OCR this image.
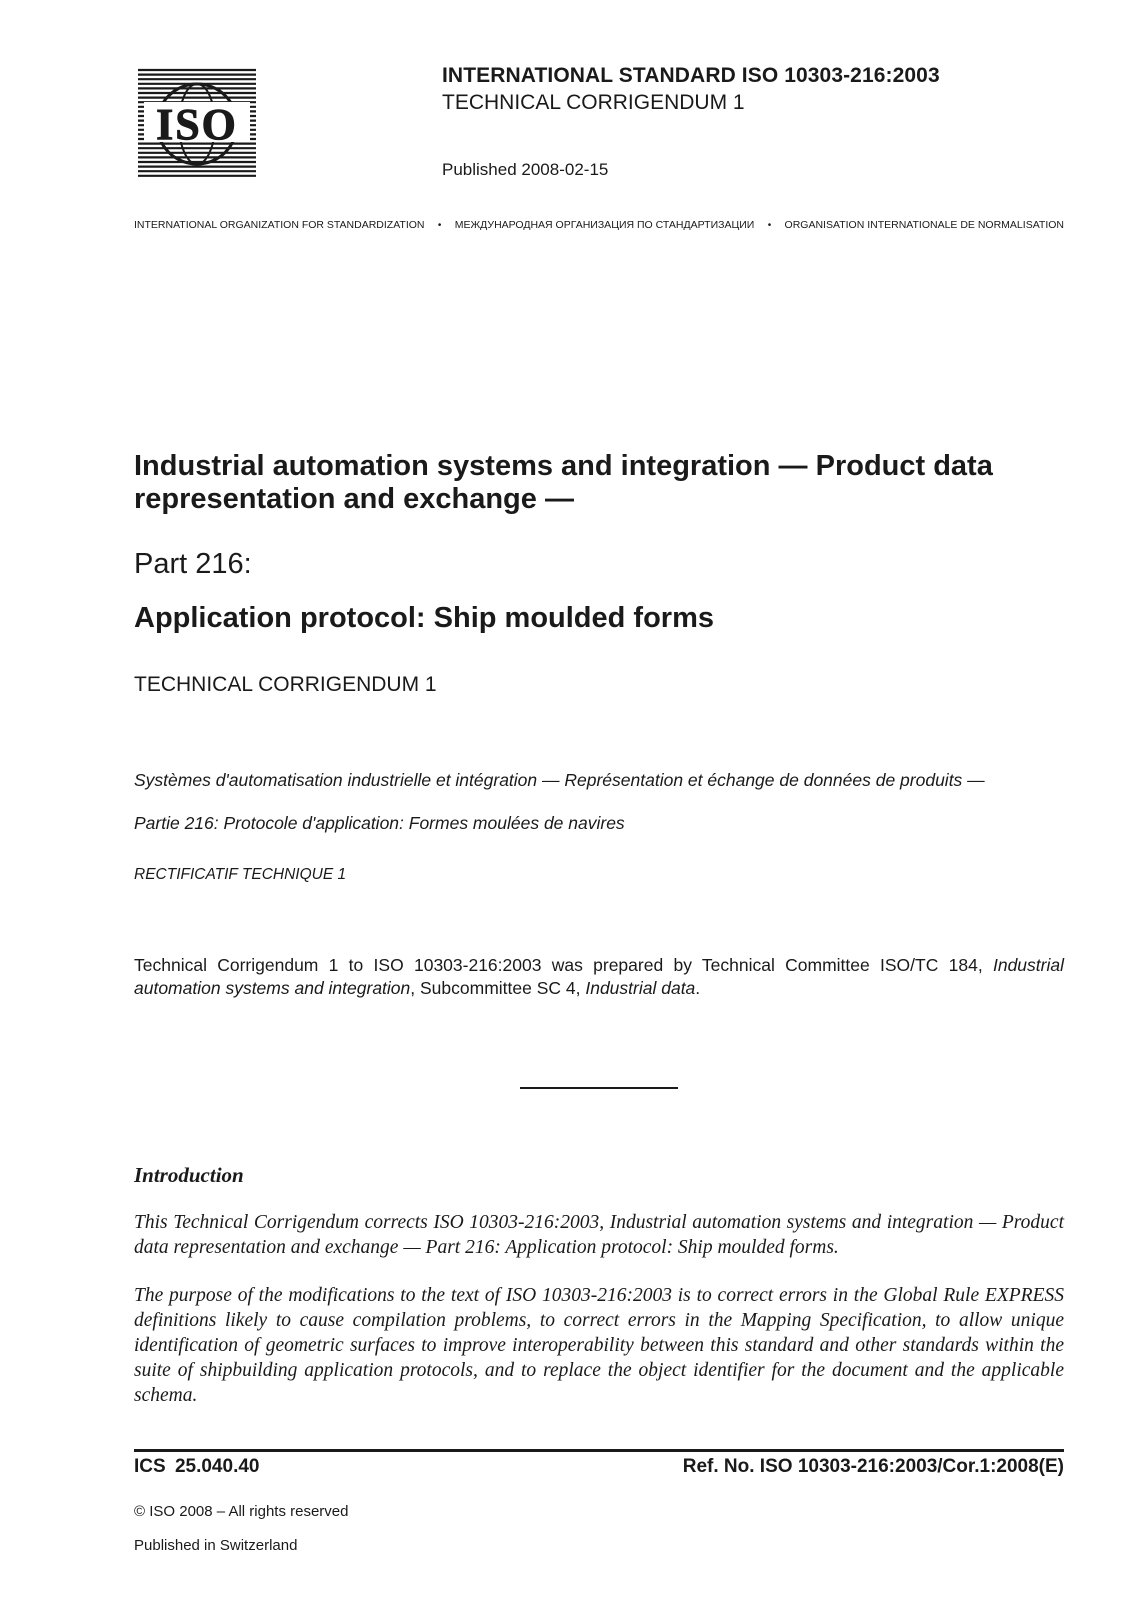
ISO
INTERNATIONAL STANDARD ISO 10303-216:2003
TECHNICAL CORRIGENDUM 1
Published 2008-02-15
INTERNATIONAL ORGANIZATION FOR STANDARDIZATION • МЕЖДУНАРОДНАЯ ОРГАНИЗАЦИЯ ПО СТАНДАРТИЗАЦИИ • ORGANISATION INTERNATIONALE DE NORMALISATION
Industrial automation systems and integration — Product data representation and exchange —
Part 216:
Application protocol: Ship moulded forms
TECHNICAL CORRIGENDUM 1
Systèmes d'automatisation industrielle et intégration — Représentation et échange de données de produits —
Partie 216: Protocole d'application: Formes moulées de navires
RECTIFICATIF TECHNIQUE 1
Technical Corrigendum 1 to ISO 10303-216:2003 was prepared by Technical Committee ISO/TC 184, Industrial automation systems and integration, Subcommittee SC 4, Industrial data.
Introduction
This Technical Corrigendum corrects ISO 10303-216:2003, Industrial automation systems and integration — Product data representation and exchange — Part 216: Application protocol: Ship moulded forms.
The purpose of the modifications to the text of ISO 10303-216:2003 is to correct errors in the Global Rule EXPRESS definitions likely to cause compilation problems, to correct errors in the Mapping Specification, to allow unique identification of geometric surfaces to improve interoperability between this standard and other standards within the suite of shipbuilding application protocols, and to replace the object identifier for the document and the applicable schema.
ICS 25.040.40	Ref. No. ISO 10303-216:2003/Cor.1:2008(E)
© ISO 2008 – All rights reserved
Published in Switzerland
